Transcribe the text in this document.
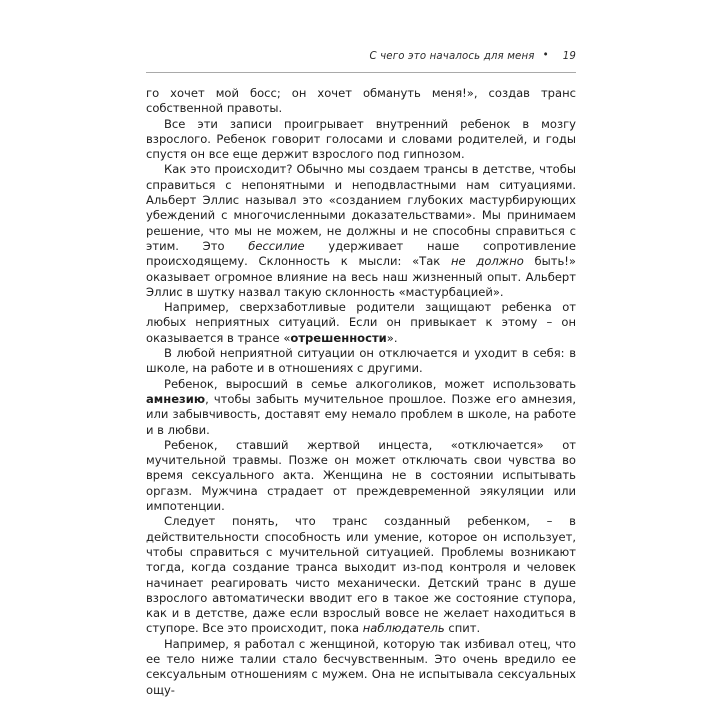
С чего это началось для меня • 19

го хочет мой босс; он хочет обмануть меня!», создав транс собственной правоты.

Все эти записи проигрывает внутренний ребенок в мозгу взрослого. Ребенок говорит голосами и словами родителей, и годы спустя он все еще держит взрослого под гипнозом.

Как это происходит? Обычно мы создаем трансы в детстве, чтобы справиться с непонятными и неподвластными нам ситуациями. Альберт Эллис называл это «созданием глубоких мастурбирующих убеждений с многочисленными доказательствами». Мы принимаем решение, что мы не можем, не должны и не способны справиться с этим. Это бессилие удерживает наше сопротивление происходящему. Склонность к мысли: «Так не должно быть!» оказывает огромное влияние на весь наш жизненный опыт. Альберт Эллис в шутку назвал такую склонность «мастурбацией».

Например, сверхзаботливые родители защищают ребенка от любых неприятных ситуаций. Если он привыкает к этому – он оказывается в трансе «отрешенности».

В любой неприятной ситуации он отключается и уходит в себя: в школе, на работе и в отношениях с другими.

Ребенок, выросший в семье алкоголиков, может использовать амнезию, чтобы забыть мучительное прошлое. Позже его амнезия, или забывчивость, доставят ему немало проблем в школе, на работе и в любви.

Ребенок, ставший жертвой инцеста, «отключается» от мучительной травмы. Позже он может отключать свои чувства во время сексуального акта. Женщина не в состоянии испытывать оргазм. Мужчина страдает от преждевременной эякуляции или импотенции.

Следует понять, что транс созданный ребенком, – в действительности способность или умение, которое он использует, чтобы справиться с мучительной ситуацией. Проблемы возникают тогда, когда создание транса выходит из-под контроля и человек начинает реагировать чисто механически. Детский транс в душе взрослого автоматически вводит его в такое же состояние ступора, как и в детстве, даже если взрослый вовсе не желает находиться в ступоре. Все это происходит, пока наблюдатель спит.

Например, я работал с женщиной, которую так избивал отец, что ее тело ниже талии стало бесчувственным. Это очень вредило ее сексуальным отношениям с мужем. Она не испытывала сексуальных ощу-
